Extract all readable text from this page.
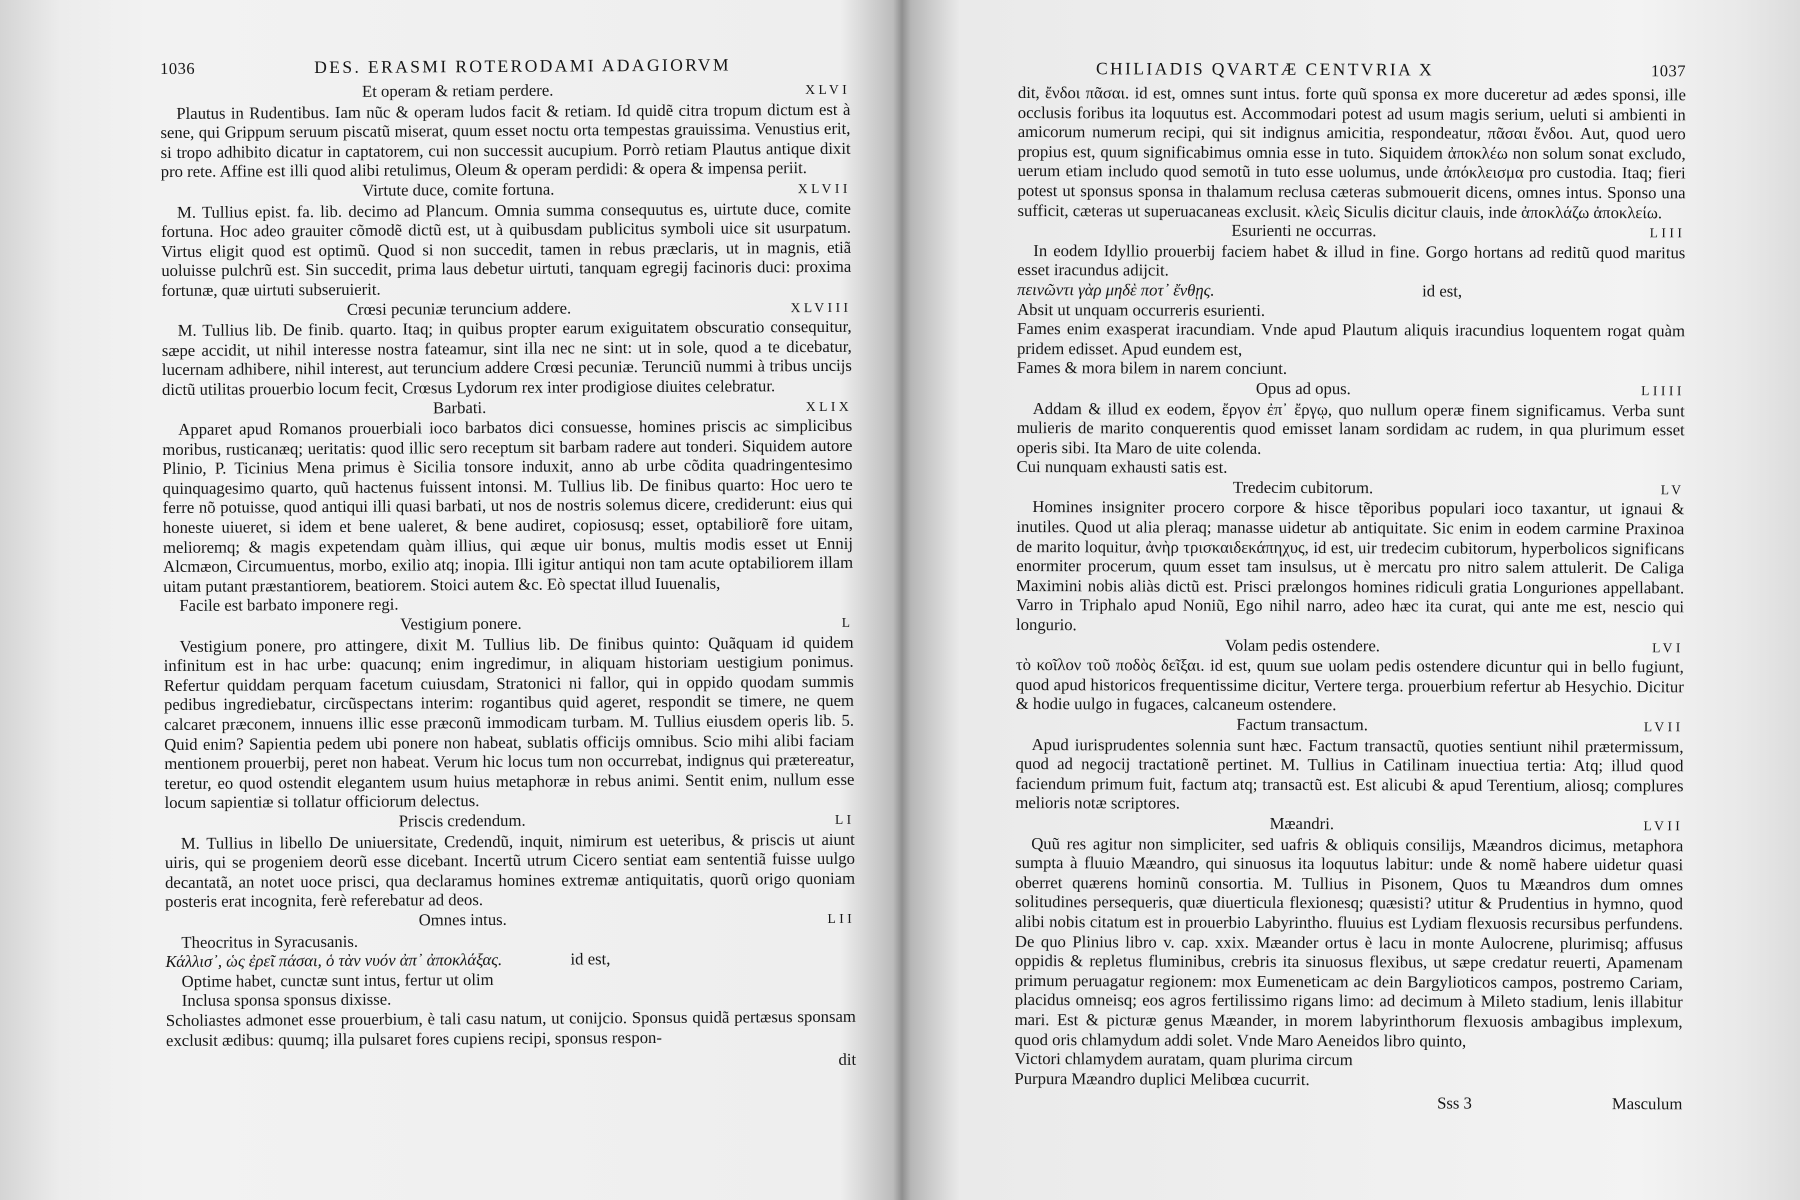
1036	DES. ERASMI ROTERODAMI ADAGIORVM
Et operam & retiam perdere.	XLVI
Plautus in Rudentibus. Iam nũc & operam ludos facit & retiam. Id quidẽ citra tropum dictum est à sene, qui Grippum seruum piscatũ miserat, quum esset noctu orta tempestas grauissima. Venustius erit, si tropo adhibito dicatur in captatorem, cui non successit aucupium. Porrò retiam Plautus antique dixit pro rete. Affine est illi quod alibi retulimus, Oleum & operam perdidi: & opera & impensa periit.
Virtute duce, comite fortuna.	XLVII
M. Tullius epist. fa. lib. decimo ad Plancum. Omnia summa consequutus es, uirtute duce, comite fortuna. Hoc adeo grauiter cõmodẽ dictũ est, ut à quibusdam publicitus symboli uice sit usurpatum. Virtus eligit quod est optimũ. Quod si non succedit, tamen in rebus præclaris, ut in magnis, etiã uoluisse pulchrũ est. Sin succedit, prima laus debetur uirtuti, tanquam egregij facinoris duci: proxima fortunæ, quæ uirtuti subseruierit.
Crœsi pecuniæ teruncium addere.	XLVIII
M. Tullius lib. De finib. quarto. Itaq; in quibus propter earum exiguitatem obscuratio consequitur, sæpe accidit, ut nihil interesse nostra fateamur, sint illa nec ne sint: ut in sole, quod a te dicebatur, lucernam adhibere, nihil interest, aut teruncium addere Crœsi pecuniæ. Terunciũ nummi à tribus uncijs dictũ utilitas prouerbio locum fecit, Crœsus Lydorum rex inter prodigiose diuites celebratur.
Barbati.	XLIX
Apparet apud Romanos prouerbiali ioco barbatos dici consuesse, homines priscis ac simplicibus moribus, rusticanæq; ueritatis: quod illic sero receptum sit barbam radere aut tonderi. Siquidem autore Plinio, P. Ticinius Mena primus è Sicilia tonsore induxit, anno ab urbe cõdita quadringentesimo quinquagesimo quarto, quũ hactenus fuissent intonsi. M. Tullius lib. De finibus quarto: Hoc uero te ferre nõ potuisse, quod antiqui illi quasi barbati, ut nos de nostris solemus dicere, crediderunt: eius qui honeste uiueret, si idem et bene ualeret, & bene audiret, copiosusq; esset, optabiliorẽ fore uitam, melioremq; & magis expetendam quàm illius, qui æque uir bonus, multis modis esset ut Ennij Alcmæon, Circumuentus, morbo, exilio atq; inopia. Illi igitur antiqui non tam acute optabiliorem illam uitam putant præstantiorem, beatiorem. Stoici autem &c. Eò spectat illud Iuuenalis,
Facile est barbato imponere regi.
Vestigium ponere.	L
Vestigium ponere, pro attingere, dixit M. Tullius lib. De finibus quinto: Quãquam id quidem infinitum est in hac urbe: quacunq; enim ingredimur, in aliquam historiam uestigium ponimus. Refertur quiddam perquam facetum cuiusdam, Stratonici ni fallor, qui in oppido quodam summis pedibus ingrediebatur, circũspectans interim: rogantibus quid ageret, respondit se timere, ne quem calcaret præconem, innuens illic esse præconũ immodicam turbam. M. Tullius eiusdem operis lib. 5. Quid enim? Sapientia pedem ubi ponere non habeat, sublatis officijs omnibus. Scio mihi alibi faciam mentionem prouerbij, peret non habeat. Verum hic locus tum non occurrebat, indignus qui prætereatur, teretur, eo quod ostendit elegantem usum huius metaphoræ in rebus animi. Sentit enim, nullum esse locum sapientiæ si tollatur officiorum delectus.
Priscis credendum.	LI
M. Tullius in libello De uniuersitate, Credendũ, inquit, nimirum est ueteribus, & priscis ut aiunt uiris, qui se progeniem deorũ esse dicebant. Incertũ utrum Cicero sentiat eam sententiã fuisse uulgo decantatã, an notet uoce prisci, qua declaramus homines extremæ antiquitatis, quorũ origo quoniam posteris erat incognita, ferè referebatur ad deos.
Omnes intus.	LII
Theocritus in Syracusanis.
Κάλλισ᾽, ὡς ἐρεῖ πάσαι, ὁ τὰν νυόν ἀπ᾽ ἀποκλάξας.	id est,
Optime habet, cunctæ sunt intus, fertur ut olim
Inclusa sponsa sponsus dixisse.
Scholiastes admonet esse prouerbium, è tali casu natum, ut conijcio. Sponsus quidã pertæsus sponsam exclusit ædibus: quumq; illa pulsaret fores cupiens recipi, sponsus respon-
dit
CHILIADIS QVARTÆ CENTVRIA X	1037
dit, ἔνδοι πᾶσαι. id est, omnes sunt intus. forte quũ sponsa ex more duceretur ad ædes sponsi, ille occlusis foribus ita loquutus est. Accommodari potest ad usum magis serium, ueluti si ambienti in amicorum numerum recipi, qui sit indignus amicitia, respondeatur, πᾶσαι ἔνδοι. Aut, quod uero propius est, quum significabimus omnia esse in tuto. Siquidem ἀποκλέω non solum sonat excludo, uerum etiam includo quod semotũ in tuto esse uolumus, unde ἀπόκλεισμα pro custodia. Itaq; fieri potest ut sponsus sponsa in thalamum reclusa cæteras submouerit dicens, omnes intus. Sponso una sufficit, cæteras ut superuacaneas exclusit. κλεὶς Siculis dicitur clauis, inde ἀποκλάζω ἀποκλείω.
Esurienti ne occurras.	LIII
In eodem Idyllio prouerbij faciem habet & illud in fine. Gorgo hortans ad reditũ quod maritus esset iracundus adijcit.
πεινῶντι γὰρ μηδὲ ποτ᾽ ἔνθῃς.	id est,
Absit ut unquam occurreris esurienti.
Fames enim exasperat iracundiam. Vnde apud Plautum aliquis iracundius loquentem rogat quàm pridem edisset. Apud eundem est,
Fames & mora bilem in narem conciunt.
Opus ad opus.	LIIII
Addam & illud ex eodem, ἔργον ἐπ᾽ ἔργῳ, quo nullum operæ finem significamus. Verba sunt mulieris de marito conquerentis quod emisset lanam sordidam ac rudem, in qua plurimum esset operis sibi. Ita Maro de uite colenda.
Cui nunquam exhausti satis est.
Tredecim cubitorum.	LV
Homines insigniter procero corpore & hisce tẽporibus populari ioco taxantur, ut ignaui & inutiles. Quod ut alia pleraq; manasse uidetur ab antiquitate. Sic enim in eodem carmine Praxinoa de marito loquitur, ἀνὴρ τρισκαιδεκάπηχυς, id est, uir tredecim cubitorum, hyperbolicos significans enormiter procerum, quum esset tam insulsus, ut è mercatu pro nitro salem attulerit. De Caliga Maximini nobis aliàs dictũ est. Prisci prælongos homines ridiculi gratia Longuriones appellabant. Varro in Triphalo apud Noniũ, Ego nihil narro, adeo hæc ita curat, qui ante me est, nescio qui longurio.
Volam pedis ostendere.	LVI
τὸ κοῖλον τοῦ ποδὸς δεῖξαι. id est, quum sue uolam pedis ostendere dicuntur qui in bello fugiunt, quod apud historicos frequentissime dicitur, Vertere terga. prouerbium refertur ab Hesychio. Dicitur & hodie uulgo in fugaces, calcaneum ostendere.
Factum transactum.	LVII
Apud iurisprudentes solennia sunt hæc. Factum transactũ, quoties sentiunt nihil prætermissum, quod ad negocij tractationẽ pertinet. M. Tullius in Catilinam inuectiua tertia: Atq; illud quod faciendum primum fuit, factum atq; transactũ est. Est alicubi & apud Terentium, aliosq; complures melioris notæ scriptores.
Mæandri.	LVII
Quũ res agitur non simpliciter, sed uafris & obliquis consilijs, Mæandros dicimus, metaphora sumpta à fluuio Mæandro, qui sinuosus ita loquutus labitur: unde & nomẽ habere uidetur quasi oberret quærens hominũ consortia. M. Tullius in Pisonem, Quos tu Mæandros dum omnes solitudines persequeris, quæ diuerticula flexionesq; quæsisti? utitur & Prudentius in hymno, quod alibi nobis citatum est in prouerbio Labyrintho. fluuius est Lydiam flexuosis recursibus perfundens. De quo Plinius libro v. cap. xxix. Mæander ortus è lacu in monte Aulocrene, plurimisq; affusus oppidis & repletus fluminibus, crebris ita sinuosus flexibus, ut sæpe credatur reuerti, Apamenam primum peruagatur regionem: mox Eumeneticam ac dein Bargylioticos campos, postremo Cariam, placidus omneisq; eos agros fertilissimo rigans limo: ad decimum à Mileto stadium, lenis illabitur mari. Est & picturæ genus Mæander, in morem labyrinthorum flexuosis ambagibus implexum, quod oris chlamydum addi solet. Vnde Maro Aeneidos libro quinto,
Victori chlamydem auratam, quam plurima circum
Purpura Mæandro duplici Melibœa cucurrit.
Sss 3	Masculum
